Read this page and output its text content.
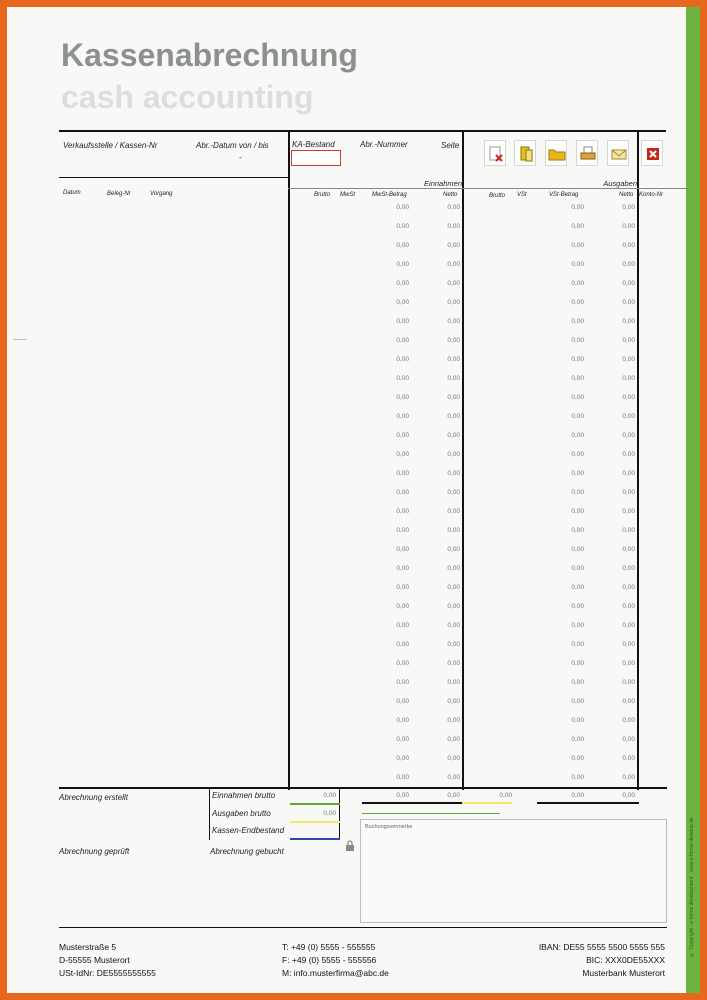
© Copyright - e-forms development · www.e-forms-develop.de
Kassenabrechnung
cash accounting
Verkaufsstelle / Kassen-Nr	Abr.-Datum von / bis
-
KA-Bestand	Abr.-Nummer	Seite
Einnahmen	Ausgaben
Datum	Beleg-Nr	Vorgang	Brutto MwSt	MwSt-Betrag	Netto	Brutto VSt	VSt-Betrag	Netto Konto-Nr
0,00	0,00	0,00	0,00
0,00	0,00	0,00	0,00
0,00	0,00	0,00	0,00
0,00	0,00	0,00	0,00
0,00	0,00	0,00	0,00
0,00	0,00	0,00	0,00
0,00	0,00	0,00	0,00
0,00	0,00	0,00	0,00
0,00	0,00	0,00	0,00
0,00	0,00	0,00	0,00
0,00	0,00	0,00	0,00
0,00	0,00	0,00	0,00
0,00	0,00	0,00	0,00
0,00	0,00	0,00	0,00
0,00	0,00	0,00	0,00
0,00	0,00	0,00	0,00
0,00	0,00	0,00	0,00
0,00	0,00	0,00	0,00
0,00	0,00	0,00	0,00
0,00	0,00	0,00	0,00
0,00	0,00	0,00	0,00
0,00	0,00	0,00	0,00
0,00	0,00	0,00	0,00
0,00	0,00	0,00	0,00
0,00	0,00	0,00	0,00
0,00	0,00	0,00	0,00
0,00	0,00	0,00	0,00
0,00	0,00	0,00	0,00
0,00	0,00	0,00	0,00
0,00	0,00	0,00	0,00
0,00	0,00	0,00	0,00
Abrechnung erstellt
Abrechnung geprüft	Abrechnung gebucht
Einnahmen brutto	0,00
Ausgaben brutto	0,00
Kassen-Endbestand
0,00	0,00	0,00	0,00	0,00
Buchungsvermerke
Musterstraße 5
D-55555 Musterort
USt-IdNr: DE5555555555
T: +49 (0) 5555 - 555555
F: +49 (0) 5555 - 555556
M: info.musterfirma@abc.de
IBAN: DE55 5555 5500 5555 555
BIC: XXX0DE55XXX
Musterbank Musterort
